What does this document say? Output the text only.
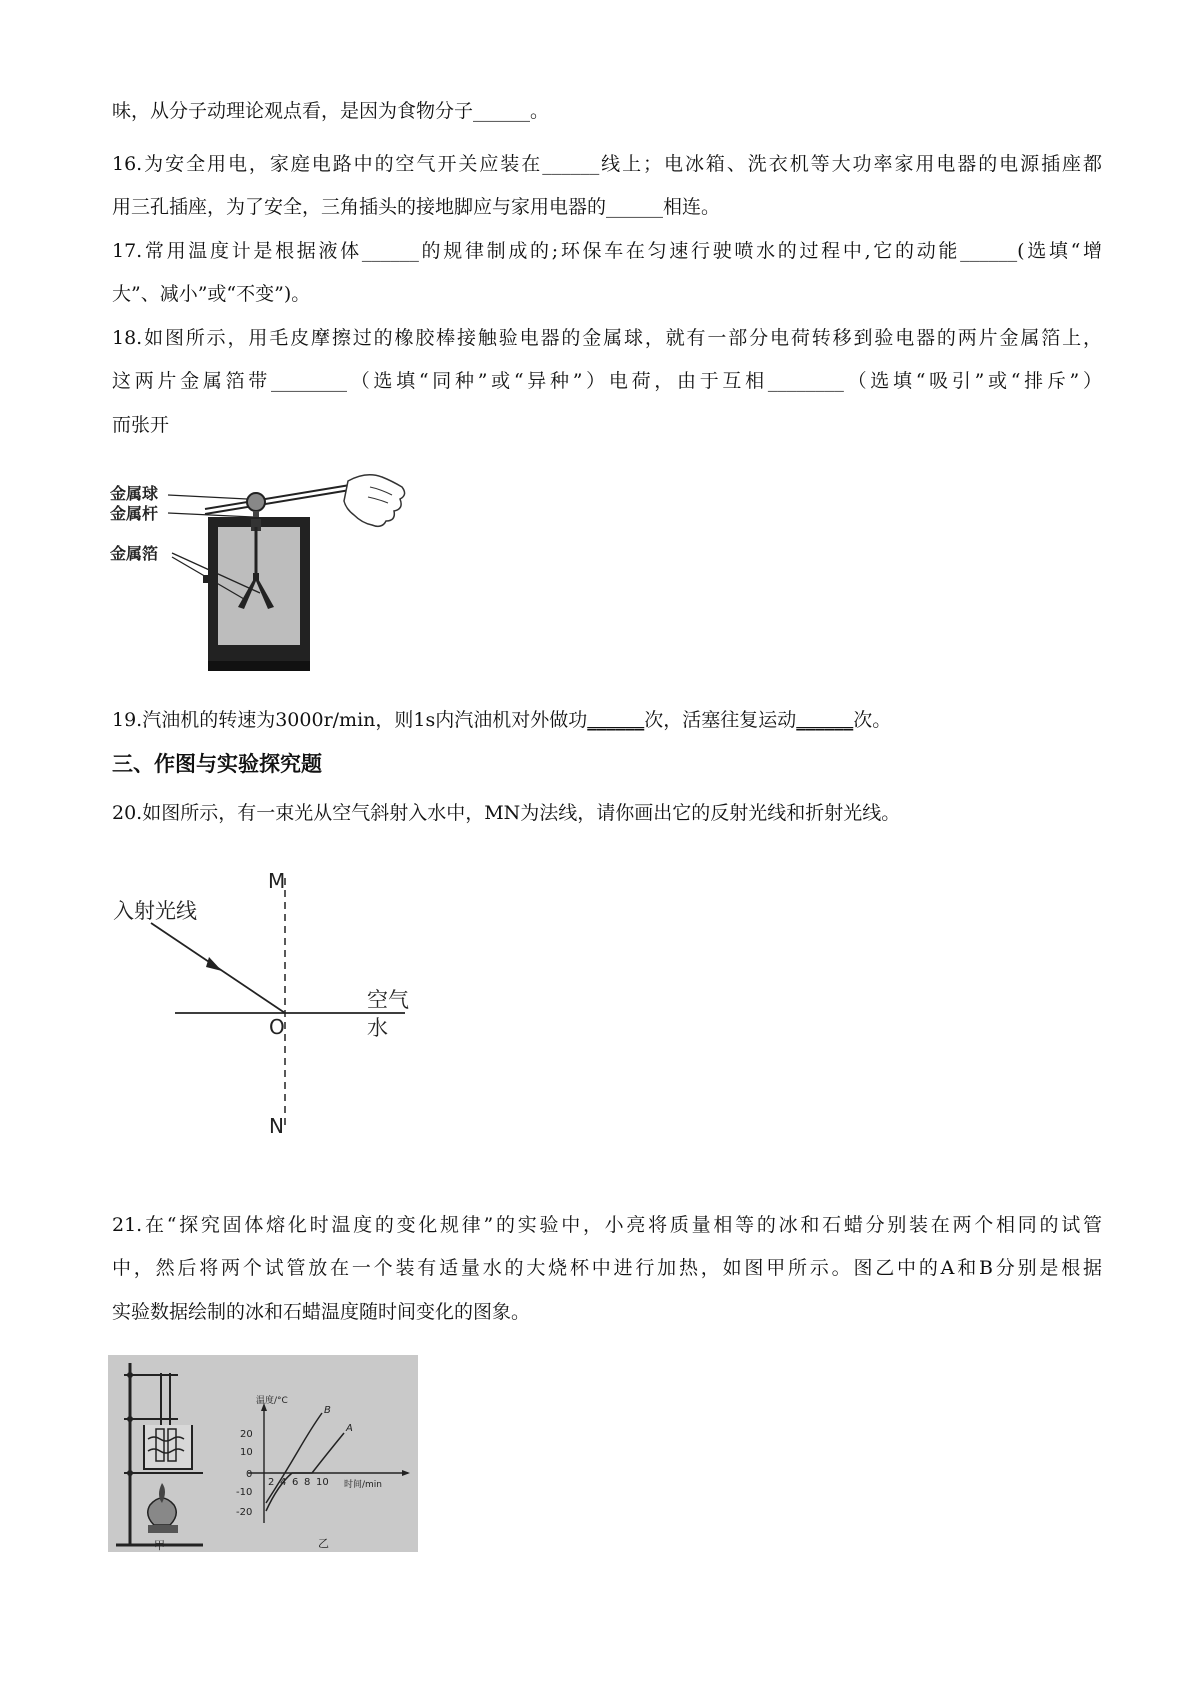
味，从分子动理论观点看，是因为食物分子______。
16.为安全用电，家庭电路中的空气开关应装在______线上；电冰箱、洗衣机等大功率家用电器的电源插座都
用三孔插座，为了安全，三角插头的接地脚应与家用电器的______相连。
17.常用温度计是根据液体______的规律制成的;环保车在匀速行驶喷水的过程中,它的动能______(选填“增
大”、减小”或“不变”)。
18.如图所示，用毛皮摩擦过的橡胶棒接触验电器的金属球，就有一部分电荷转移到验电器的两片金属箔上，
这两片金属箔带________（选填“同种”或“异种”）电荷，由于互相________（选填“吸引”或“排斥”）
而张开
金属球
金属杆
金属箔
19.汽油机的转速为3000r/min，则1s内汽油机对外做功______次，活塞往复运动______次。
三、作图与实验探究题
20.如图所示，有一束光从空气斜射入水中，MN为法线，请你画出它的反射光线和折射光线。
M
N
O
入射光线
空气
水
21.在“探究固体熔化时温度的变化规律”的实验中，小亮将质量相等的冰和石蜡分别装在两个相同的试管
中，然后将两个试管放在一个装有适量水的大烧杯中进行加热，如图甲所示。图乙中的A和B分别是根据
实验数据绘制的冰和石蜡温度随时间变化的图象。
甲
温度/°C
时间/min
20
10
0
-10
-20
2 4 6 8 10
A
B
乙
